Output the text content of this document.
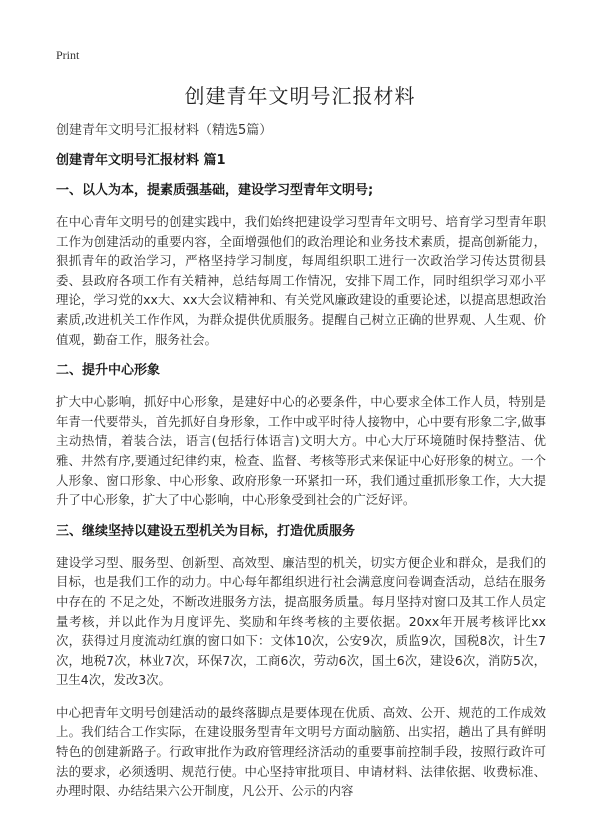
Print
创建青年文明号汇报材料
创建青年文明号汇报材料（精选5篇）
创建青年文明号汇报材料 篇1
一、以人为本，提素质强基础，建设学习型青年文明号;
在中心青年文明号的创建实践中，我们始终把建设学习型青年文明号、培育学习型青年职工作为创建活动的重要内容，全面增强他们的政治理论和业务技术素质，提高创新能力，狠抓青年的政治学习，严格坚持学习制度，每周组织职工进行一次政治学习传达贯彻县委、县政府各项工作有关精神，总结每周工作情况，安排下周工作，同时组织学习邓小平理论，学习党的xx大、xx大会议精神和、有关党风廉政建设的重要论述，以提高思想政治素质,改进机关工作作风，为群众提供优质服务。提醒自己树立正确的世界观、人生观、价值观，勤奋工作，服务社会。
二、提升中心形象
扩大中心影响，抓好中心形象，是建好中心的必要条件，中心要求全体工作人员，特别是年青一代要带头，首先抓好自身形象，工作中或平时待人接物中，心中要有形象二字,做事主动热情，着装合法，语言(包括行体语言)文明大方。中心大厅环境随时保持整洁、优雅、井然有序,要通过纪律约束，检查、监督、考核等形式来保证中心好形象的树立。一个人形象、窗口形象、中心形象、政府形象一环紧扣一环，我们通过重抓形象工作，大大提升了中心形象，扩大了中心影响，中心形象受到社会的广泛好评。
三、继续坚持以建设五型机关为目标，打造优质服务
建设学习型、服务型、创新型、高效型、廉洁型的机关，切实方便企业和群众，是我们的目标，也是我们工作的动力。中心每年都组织进行社会满意度问卷调查活动，总结在服务中存在的 不足之处，不断改进服务方法，提高服务质量。每月坚持对窗口及其工作人员定量考核，并以此作为月度评先、奖励和年终考核的主要依据。20xx年开展考核评比xx次，获得过月度流动红旗的窗口如下：文体10次，公安9次，质监9次，国税8次，计生7次，地税7次，林业7次，环保7次，工商6次，劳动6次，国土6次，建设6次，消防5次，卫生4次，发改3次。
中心把青年文明号创建活动的最终落脚点是要体现在优质、高效、公开、规范的工作成效上。我们结合工作实际，在建设服务型青年文明号方面动脑筋、出实招，趟出了具有鲜明特色的创建新路子。行政审批作为政府管理经济活动的重要事前控制手段，按照行政许可法的要求，必须透明、规范行使。中心坚持审批项目、申请材料、法律依据、收费标准、办理时限、办结结果六公开制度，凡公开、公示的内容
